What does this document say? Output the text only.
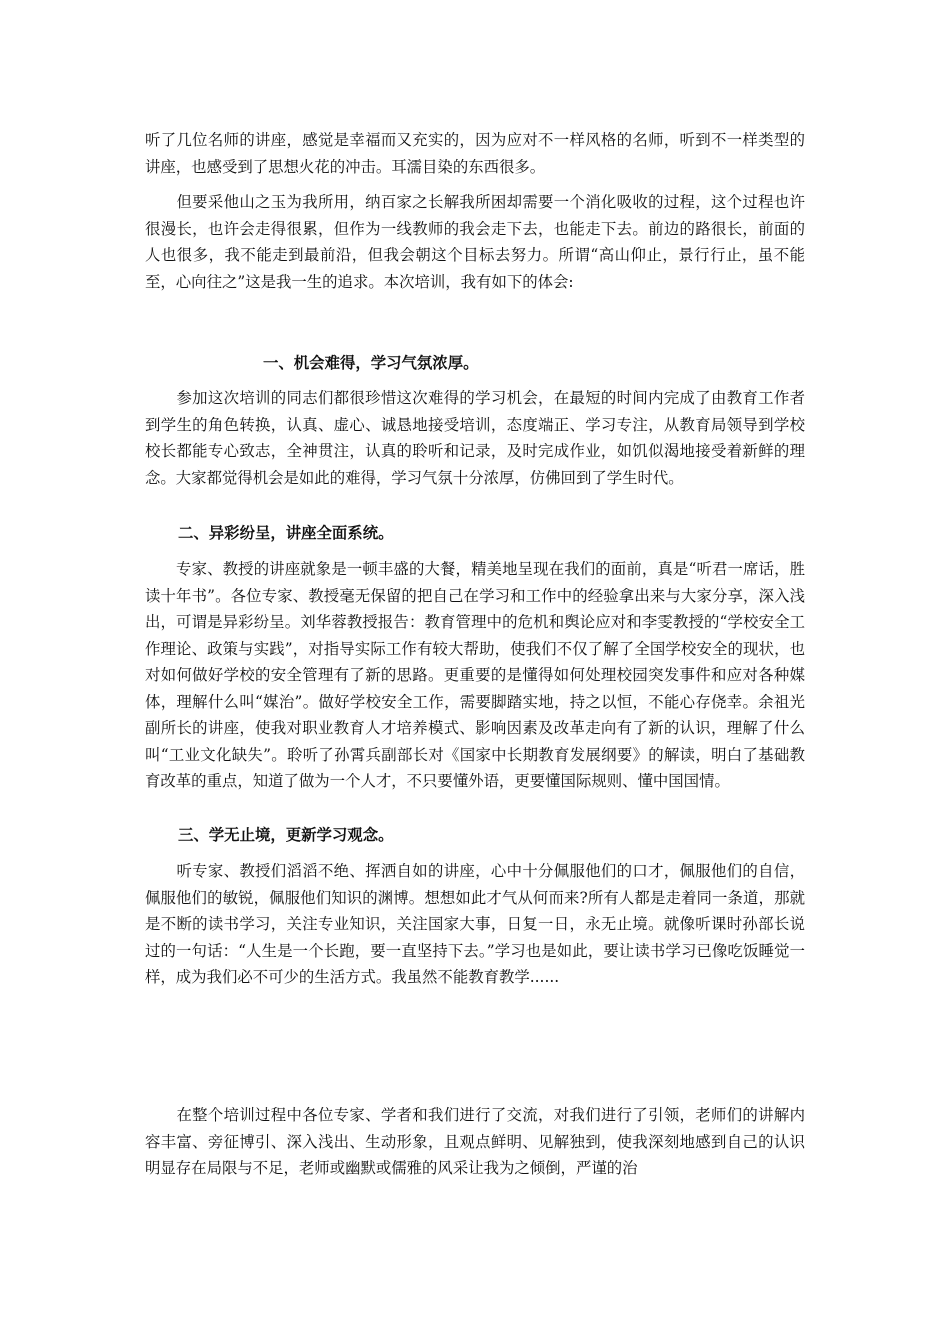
听了几位名师的讲座，感觉是幸福而又充实的，因为应对不一样风格的名师，听到不一样类型的讲座，也感受到了思想火花的冲击。耳濡目染的东西很多。

　　但要采他山之玉为我所用，纳百家之长解我所困却需要一个消化吸收的过程，这个过程也许很漫长，也许会走得很累，但作为一线教师的我会走下去，也能走下去。前边的路很长，前面的人也很多，我不能走到最前沿，但我会朝这个目标去努力。所谓“高山仰止，景行行止，虽不能至，心向往之”这是我一生的追求。本次培训，我有如下的体会:

一、机会难得，学习气氛浓厚。

　　参加这次培训的同志们都很珍惜这次难得的学习机会，在最短的时间内完成了由教育工作者到学生的角色转换，认真、虚心、诚恳地接受培训，态度端正、学习专注，从教育局领导到学校校长都能专心致志，全神贯注，认真的聆听和记录，及时完成作业，如饥似渴地接受着新鲜的理念。大家都觉得机会是如此的难得，学习气氛十分浓厚，仿佛回到了学生时代。

二、异彩纷呈，讲座全面系统。

　　专家、教授的讲座就象是一顿丰盛的大餐，精美地呈现在我们的面前，真是“听君一席话，胜读十年书”。各位专家、教授毫无保留的把自己在学习和工作中的经验拿出来与大家分享，深入浅出，可谓是异彩纷呈。刘华蓉教授报告：教育管理中的危机和舆论应对和李雯教授的“学校安全工作理论、政策与实践”，对指导实际工作有较大帮助，使我们不仅了解了全国学校安全的现状，也对如何做好学校的安全管理有了新的思路。更重要的是懂得如何处理校园突发事件和应对各种媒体，理解什么叫“媒治”。做好学校安全工作，需要脚踏实地，持之以恒，不能心存侥幸。余祖光副所长的讲座，使我对职业教育人才培养模式、影响因素及改革走向有了新的认识，理解了什么叫“工业文化缺失”。聆听了孙霄兵副部长对《国家中长期教育发展纲要》的解读，明白了基础教育改革的重点，知道了做为一个人才，不只要懂外语，更要懂国际规则、懂中国国情。

三、学无止境，更新学习观念。

　　听专家、教授们滔滔不绝、挥洒自如的讲座，心中十分佩服他们的口才，佩服他们的自信，佩服他们的敏锐，佩服他们知识的渊博。想想如此才气从何而来?所有人都是走着同一条道，那就是不断的读书学习，关注专业知识，关注国家大事，日复一日，永无止境。就像听课时孙部长说过的一句话：“人生是一个长跑，要一直坚持下去。”学习也是如此，要让读书学习已像吃饭睡觉一样，成为我们必不可少的生活方式。我虽然不能教育教学......

　　在整个培训过程中各位专家、学者和我们进行了交流，对我们进行了引领，老师们的讲解内容丰富、旁征博引、深入浅出、生动形象，且观点鲜明、见解独到，使我深刻地感到自己的认识明显存在局限与不足，老师或幽默或儒雅的风采让我为之倾倒，严谨的治
